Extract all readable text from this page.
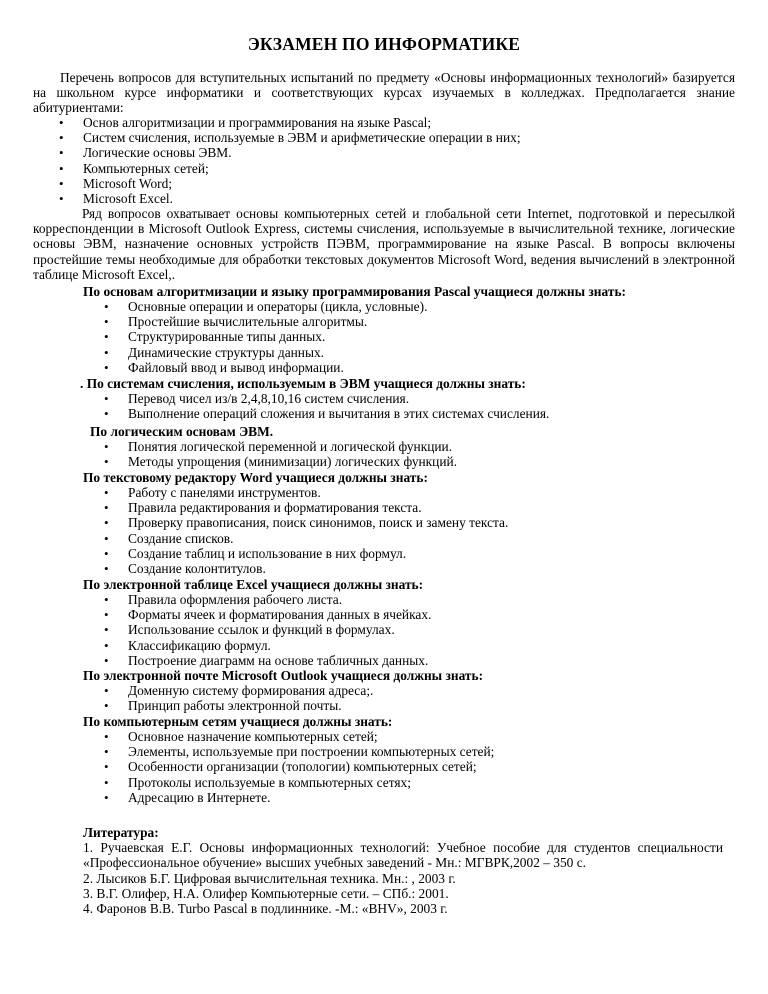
ЭКЗАМЕН ПО ИНФОРМАТИКЕ

Перечень вопросов для вступительных испытаний по предмету «Основы информационных технологий» базируется на школьном курсе информатики и соответствующих курсах изучаемых в колледжах. Предполагается знание абитуриентами:

• Основ алгоритмизации и программирования на языке Pascal;
• Систем счисления, используемые в ЭВМ и арифметические операции в них;
• Логические основы ЭВМ.
• Компьютерных сетей;
• Microsoft Word;
• Microsoft Excel.

Ряд вопросов охватывает основы компьютерных сетей и глобальной сети Internet, подготовкой и пересылкой корреспонденции в Microsoft Outlook Express, системы счисления, используемые в вычислительной технике, логические основы ЭВМ, назначение основных устройств ПЭВМ, программирование на языке Pascal. В вопросы включены простейшие темы необходимые для обработки текстовых документов Microsoft Word, ведения вычислений в электронной таблице Microsoft Excel,.

По основам алгоритмизации и языку программирования Pascal учащиеся должны знать:
• Основные операции и операторы (цикла, условные).
• Простейшие вычислительные алгоритмы.
• Структурированные типы данных.
• Динамические структуры данных.
• Файловый ввод и вывод информации.
. По системам счисления, используемым в ЭВМ учащиеся должны знать:
• Перевод чисел из/в 2,4,8,10,16 систем счисления.
• Выполнение операций сложения и вычитания в этих системах счисления.
По логическим основам ЭВМ.
• Понятия логической переменной и логической функции.
• Методы упрощения (минимизации) логических функций.
По текстовому редактору Word учащиеся должны знать:
• Работу с панелями инструментов.
• Правила редактирования и форматирования текста.
• Проверку правописания, поиск синонимов, поиск и замену текста.
• Создание списков.
• Создание таблиц и использование в них формул.
• Создание колонтитулов.
По электронной таблице Excel учащиеся должны знать:
• Правила оформления рабочего листа.
• Форматы ячеек и форматирования данных в ячейках.
• Использование ссылок и функций в формулах.
• Классификацию формул.
• Построение диаграмм на основе табличных данных.
По электронной почте Microsoft Outlook учащиеся должны знать:
• Доменную систему формирования адреса;.
• Принцип работы электронной почты.
По компьютерным сетям учащиеся должны знать:
• Основное назначение компьютерных сетей;
• Элементы, используемые при построении компьютерных сетей;
• Особенности организации (топологии) компьютерных сетей;
• Протоколы используемые в компьютерных сетях;
• Адресацию в Интернете.
Литература:

1. Ручаевская Е.Г. Основы информационных технологий: Учебное пособие для студентов специальности «Профессиональное обучение» высших учебных заведений - Мн.: МГВРК,2002 – 350 с.

2. Лысиков Б.Г. Цифровая вычислительная техника. Мн.: , 2003 г.

3. В.Г. Олифер, Н.А. Олифер Компьютерные сети. – СПб.: 2001.

4. Фаронов В.В. Turbo Pascal в подлиннике. -М.: «BHV», 2003 г.
